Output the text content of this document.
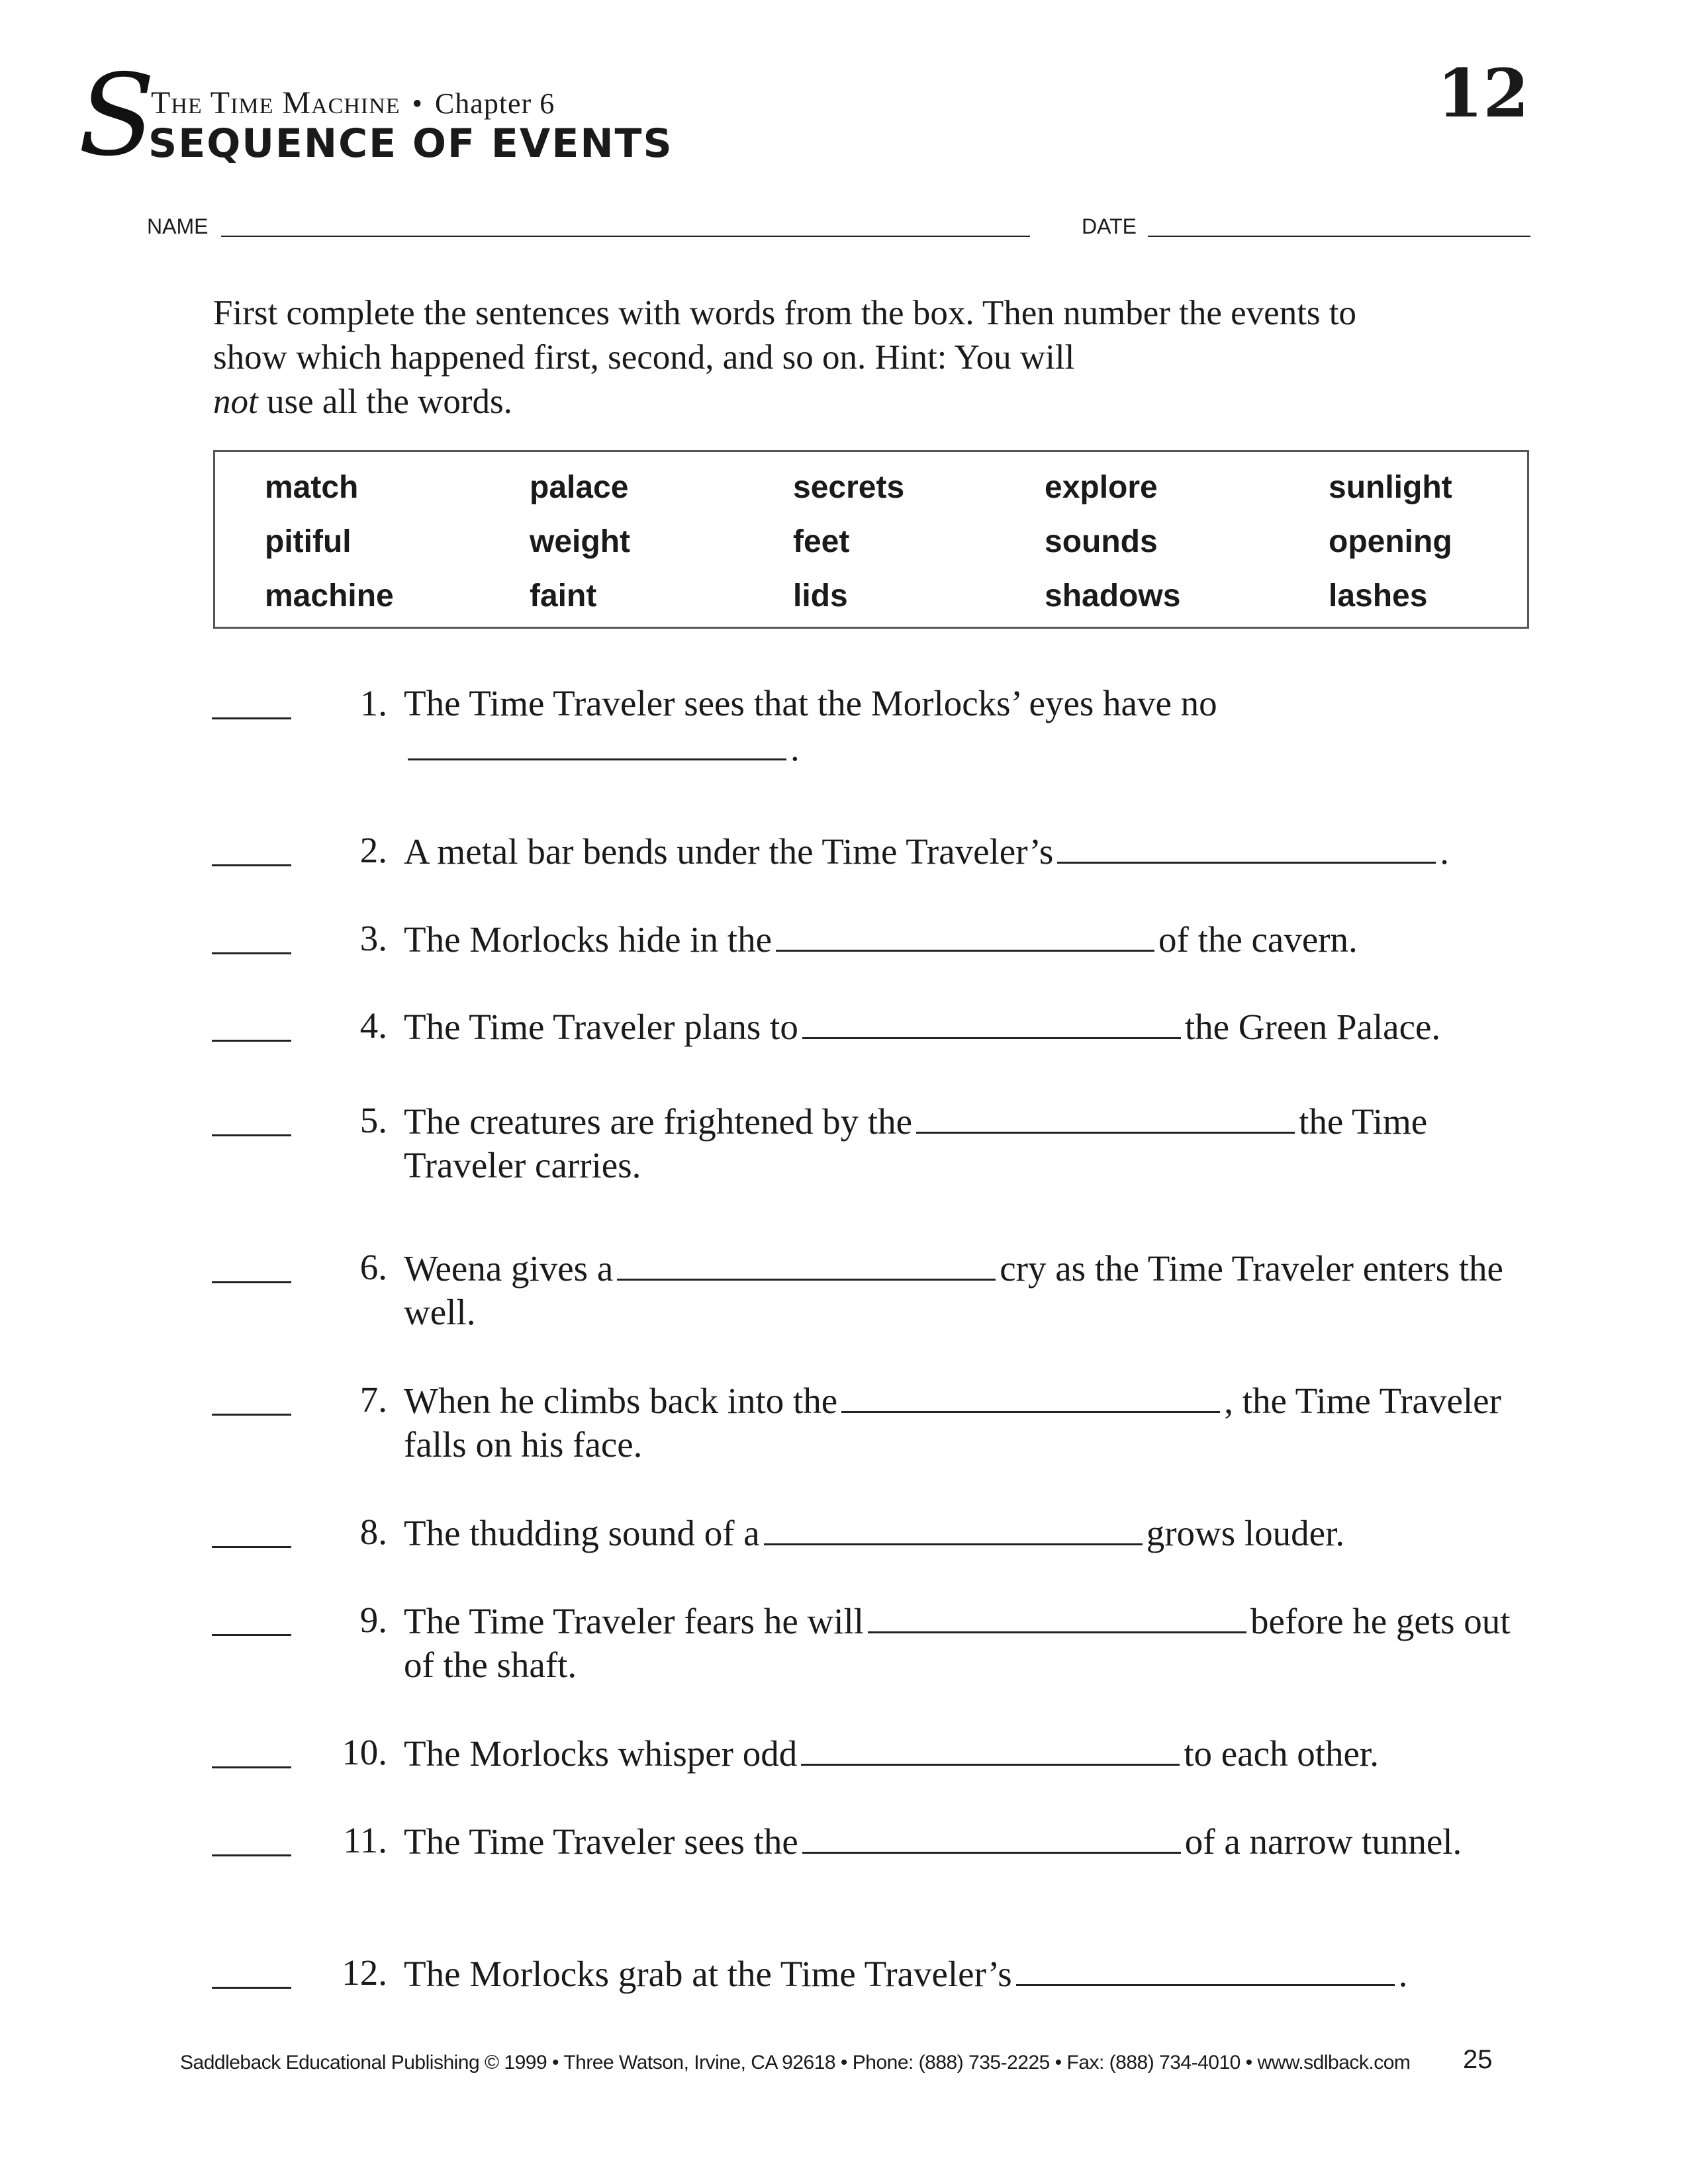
S
The Time Machine • Chapter 6
SEQUENCE OF EVENTS
12
NAME	DATE
First complete the sentences with words from the box. Then number the events to show which happened first, second, and so on. Hint: You will
not use all the words.
match	palace	secrets	explore	sunlight
pitiful	weight	feet	sounds	opening
machine	faint	lids	shadows	lashes
1. The Time Traveler sees that the Morlocks’ eyes have no.
2. A metal bar bends under the Time Traveler’s	.
3. The Morlocks hide in the	of the cavern.
4. The Time Traveler plans to	the Green Palace.
5. The creatures are frightened by the	the Time Traveler carries.
6. Weena gives a	cry as the Time Traveler enters the well.
7. When he climbs back into the	, the Time Traveler falls on his face.
8. The thudding sound of a	grows louder.
9. The Time Traveler fears he will	before he gets out of the shaft.
10. The Morlocks whisper odd	to each other.
11. The Time Traveler sees the	of a narrow tunnel.
12. The Morlocks grab at the Time Traveler’s	.
Saddleback Educational Publishing © 1999 • Three Watson, Irvine, CA 92618 • Phone: (888) 735-2225 • Fax: (888) 734-4010 • www.sdlback.com 25
